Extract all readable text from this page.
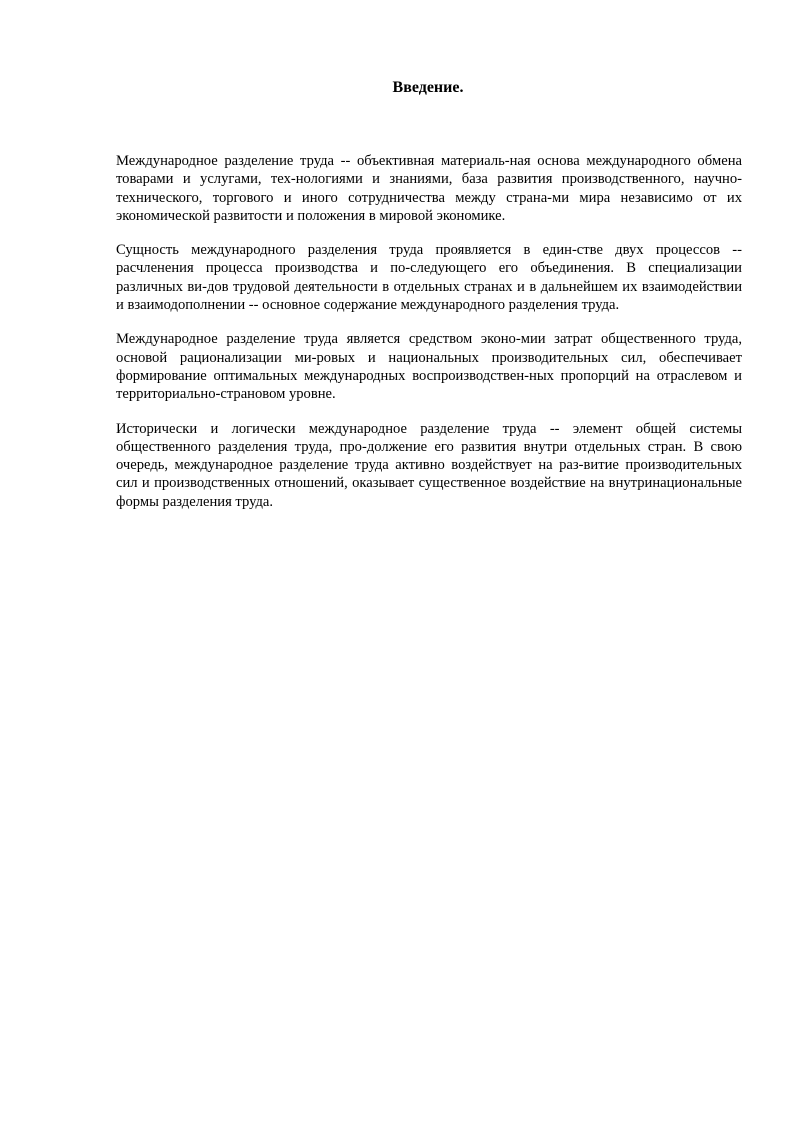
Введение.

Международное разделение труда -- объективная материаль-ная основа международного обмена товарами и услугами, тех-нологиями и знаниями, база развития производственного, научно-технического, торгового и иного сотрудничества между страна-ми мира независимо от их экономической развитости и положения в мировой экономике.

Сущность международного разделения труда проявляется в един-стве двух процессов -- расчленения процесса производства и по-следующего его объединения. В специализации различных ви-дов трудовой деятельности в отдельных странах и в дальнейшем их взаимодействии и взаимодополнении -- основное содержание международного разделения труда.

Международное разделение труда является средством эконо-мии затрат общественного труда, основой рационализации ми-ровых и национальных производительных сил, обеспечивает формирование оптимальных международных воспроизводствен-ных пропорций на отраслевом и территориально-страновом уровне.

Исторически и логически международное разделение труда -- элемент общей системы общественного разделения труда, про-должение его развития внутри отдельных стран. В свою очередь, международное разделение труда активно воздействует на раз-витие производительных сил и производственных отношений, оказывает существенное воздействие на внутринациональные формы разделения труда.
